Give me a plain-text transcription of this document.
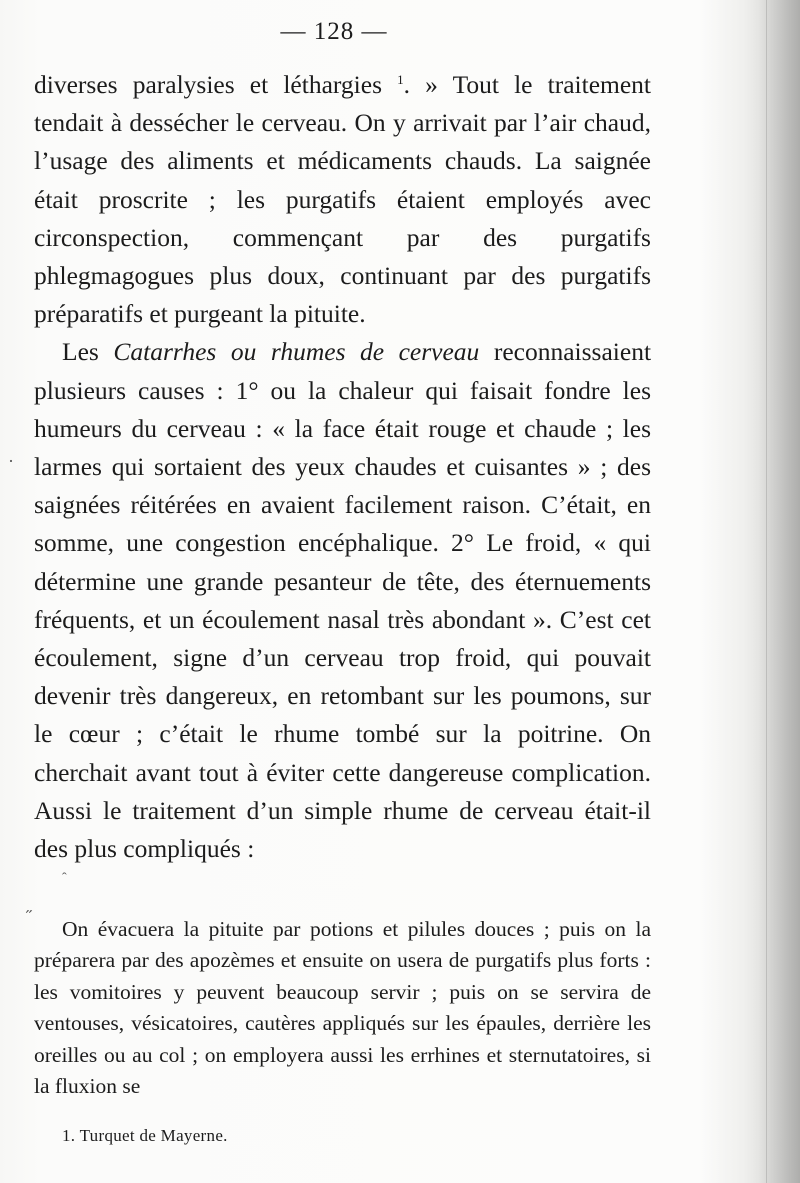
— 128 —

diverses paralysies et léthargies $^1$. » Tout le traitement tendait à dessécher le cerveau. On y arrivait par l’air chaud, l’usage des aliments et médicaments chauds. La saignée était proscrite ; les purgatifs étaient employés avec circonspection, commençant par des purgatifs phlegmagogues plus doux, continuant par des purgatifs préparatifs et purgeant la pituite.

Les Catarrhes ou rhumes de cerveau reconnaissaient plusieurs causes : 1° ou la chaleur qui faisait fondre les humeurs du cerveau : « la face était rouge et chaude ; les larmes qui sortaient des yeux chaudes et cuisantes » ; des saignées réitérées en avaient facilement raison. C’était, en somme, une congestion encéphalique. 2° Le froid, « qui détermine une grande pesanteur de tête, des éternuements fréquents, et un écoulement nasal très abondant ». C’est cet écoulement, signe d’un cerveau trop froid, qui pouvait devenir très dangereux, en retombant sur les poumons, sur le cœur ; c’était le rhume tombé sur la poitrine. On cherchait avant tout à éviter cette dangereuse complication. Aussi le traitement d’un simple rhume de cerveau était-il des plus compliqués :

On évacuera la pituite par potions et pilules douces ; puis on la préparera par des apozèmes et ensuite on usera de purgatifs plus forts : les vomitoires y peuvent beaucoup servir ; puis on se servira de ventouses, vésicatoires, cautères appliqués sur les épaules, derrière les oreilles ou au col ; on employera aussi les errhines et sternutatoires, si la fluxion se

1. Turquet de Mayerne.
·
ˆ
˝
